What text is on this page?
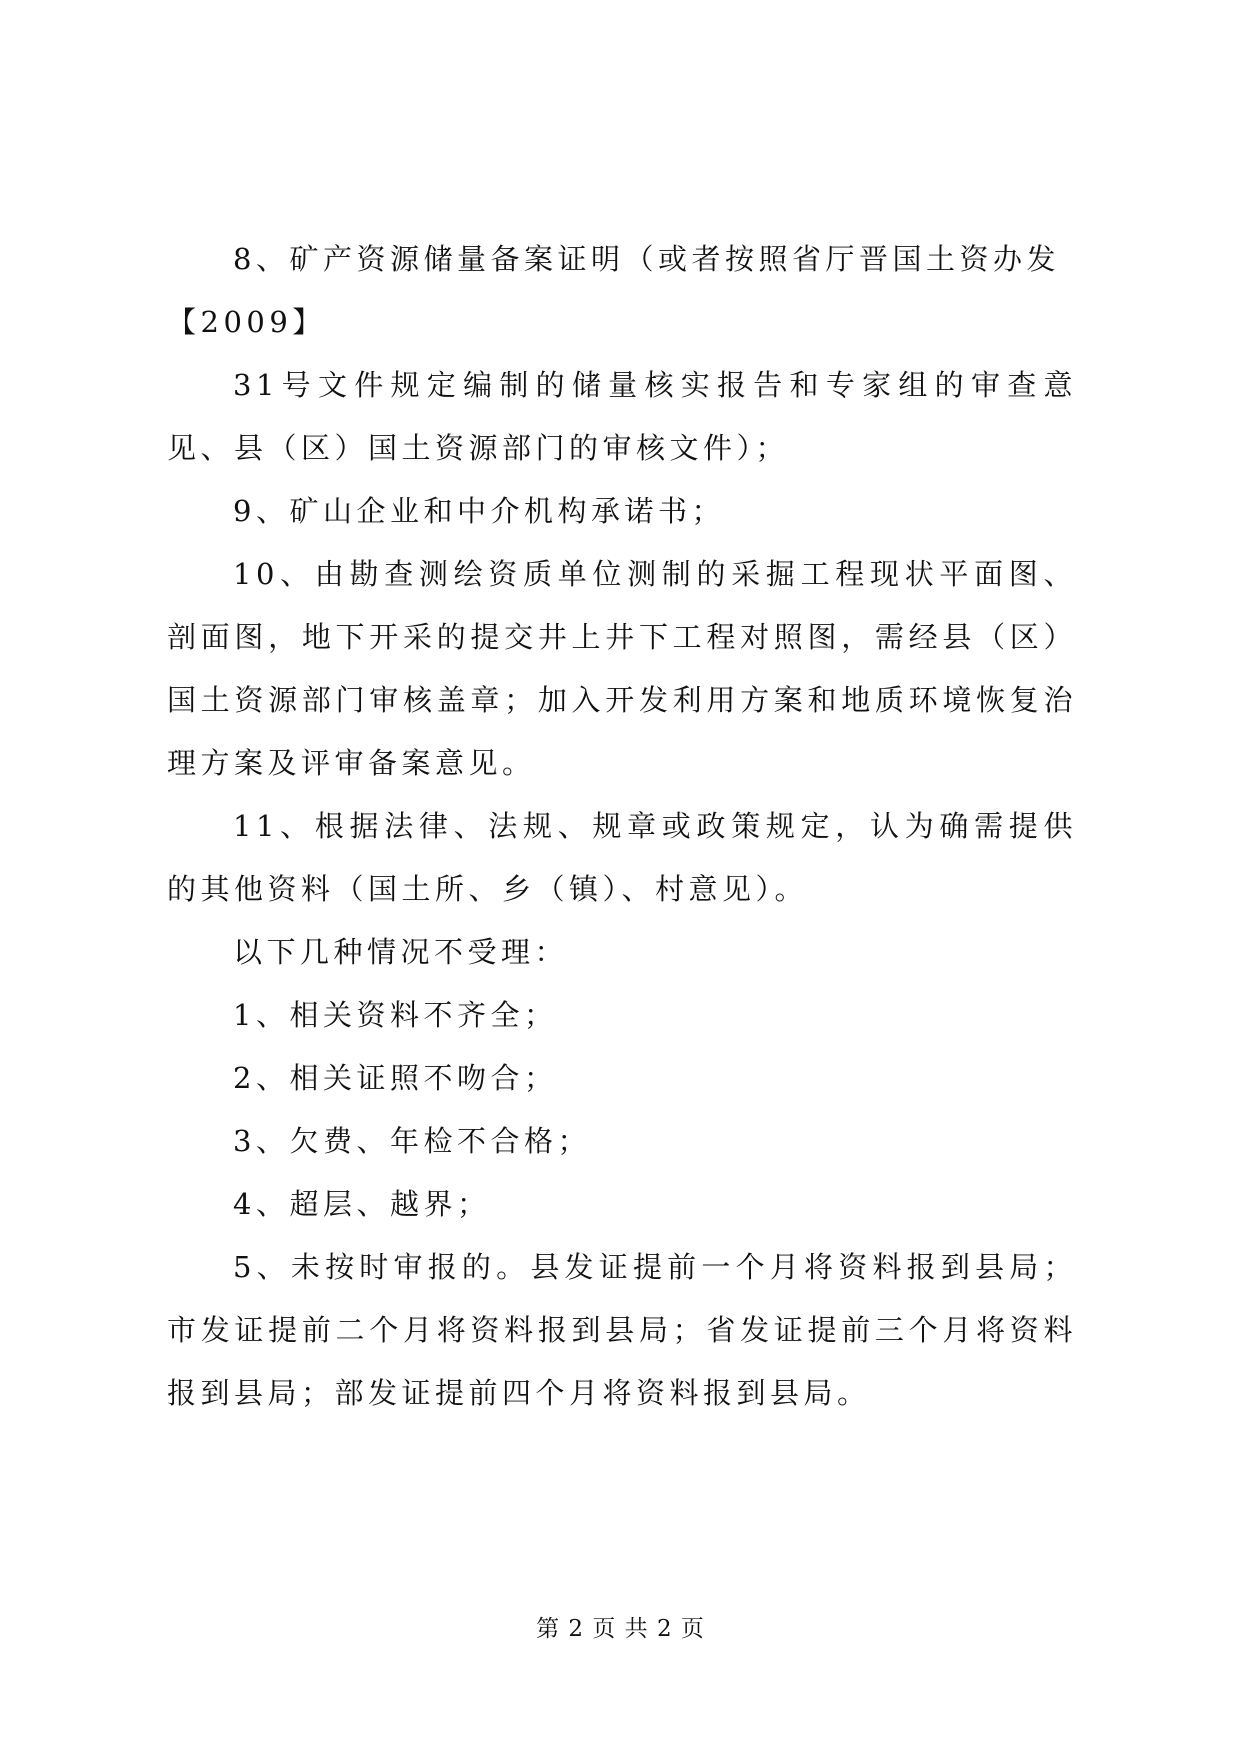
8、矿产资源储量备案证明（或者按照省厅晋国土资办发

【2009】

31号文件规定编制的储量核实报告和专家组的审查意见、县（区）国土资源部门的审核文件）；

9、矿山企业和中介机构承诺书；

10、由勘查测绘资质单位测制的采掘工程现状平面图、剖面图，地下开采的提交井上井下工程对照图，需经县（区）国土资源部门审核盖章；加入开发利用方案和地质环境恢复治理方案及评审备案意见。

11、根据法律、法规、规章或政策规定，认为确需提供的其他资料（国土所、乡（镇）、村意见）。

以下几种情况不受理：

1、相关资料不齐全；

2、相关证照不吻合；

3、欠费、年检不合格；

4、超层、越界；

5、未按时审报的。县发证提前一个月将资料报到县局；市发证提前二个月将资料报到县局；省发证提前三个月将资料报到县局；部发证提前四个月将资料报到县局。

第 2 页 共 2 页
